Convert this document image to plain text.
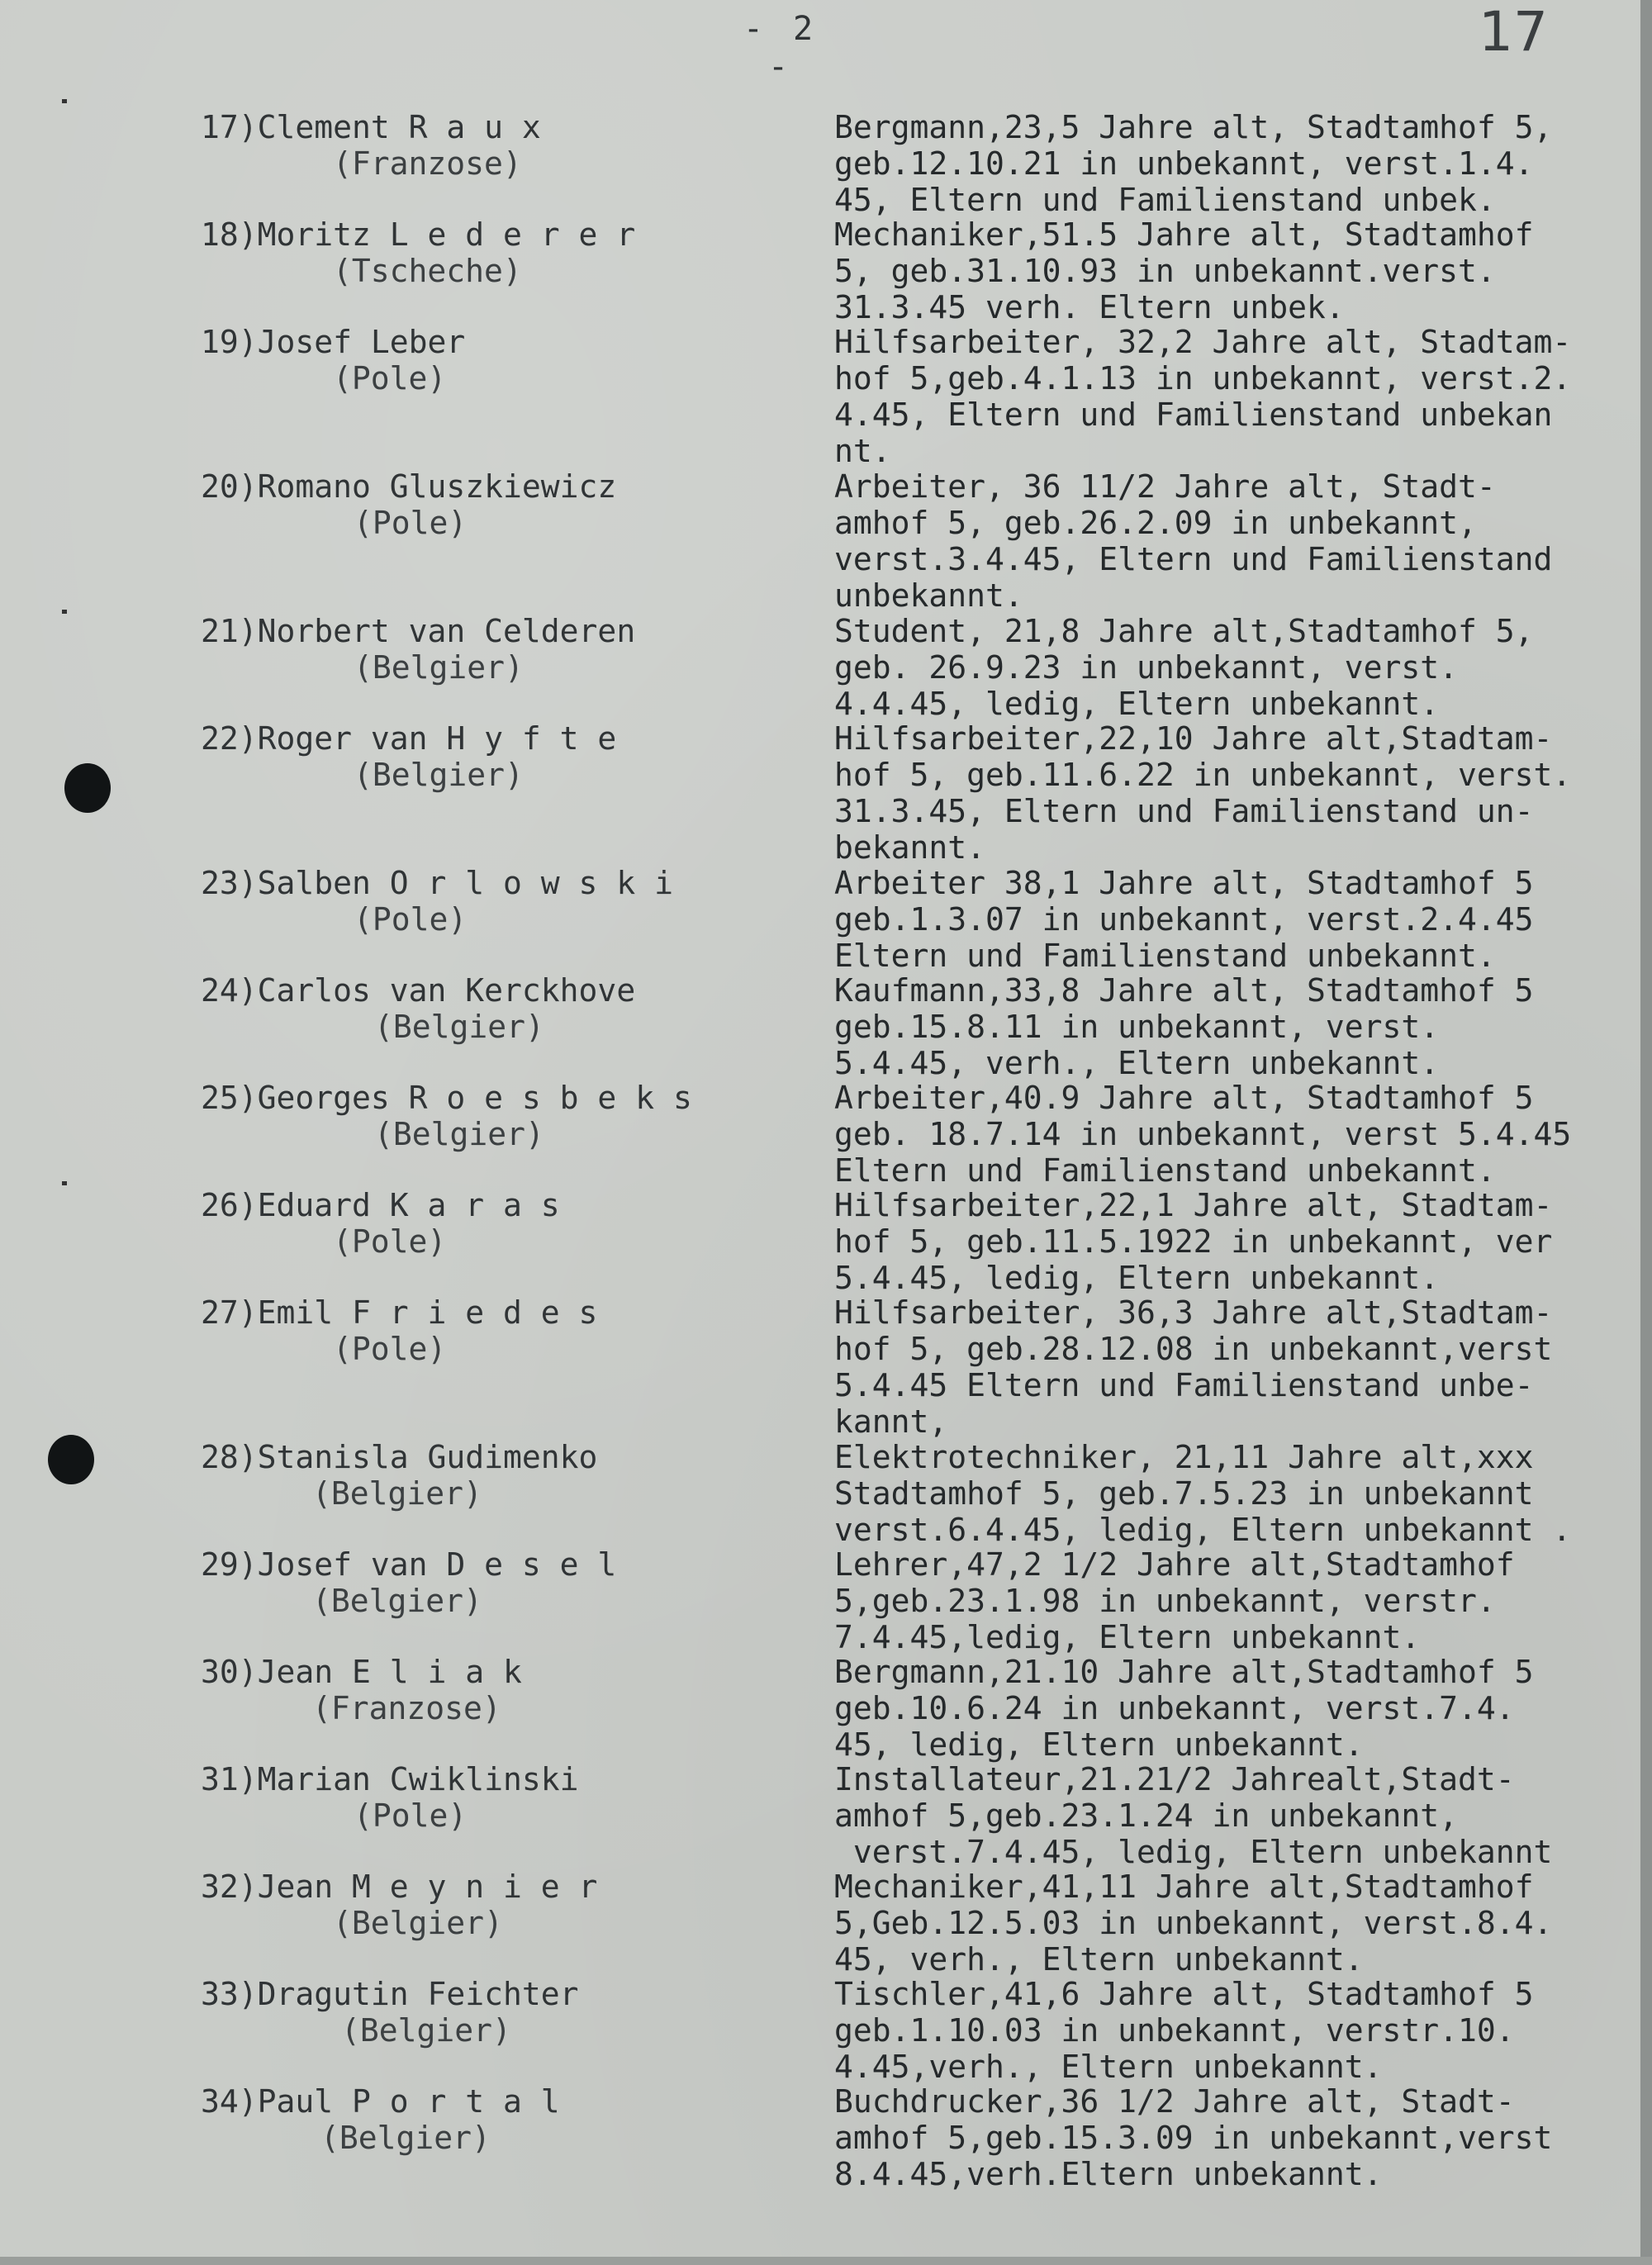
- 2 -
17
17)Clement R a u x
(Franzose)
Bergmann,23,5 Jahre alt, Stadtamhof 5,
geb.12.10.21 in unbekannt, verst.1.4.
45, Eltern und Familienstand unbek.
18)Moritz L e d e r e r
(Tscheche)
Mechaniker,51.5 Jahre alt, Stadtamhof
5, geb.31.10.93 in unbekannt.verst.
31.3.45 verh. Eltern unbek.
19)Josef Leber
(Pole)
Hilfsarbeiter, 32,2 Jahre alt, Stadtam-
hof 5,geb.4.1.13 in unbekannt, verst.2.
4.45, Eltern und Familienstand unbekan
nt.
20)Romano Gluszkiewicz
(Pole)
Arbeiter, 36 11/2 Jahre alt, Stadt-
amhof 5, geb.26.2.09 in unbekannt,
verst.3.4.45, Eltern und Familienstand
unbekannt.
21)Norbert van Celderen
(Belgier)
Student, 21,8 Jahre alt,Stadtamhof 5,
geb. 26.9.23 in unbekannt, verst.
4.4.45, ledig, Eltern unbekannt.
22)Roger van H y f t e
(Belgier)
Hilfsarbeiter,22,10 Jahre alt,Stadtam-
hof 5, geb.11.6.22 in unbekannt, verst.
31.3.45, Eltern und Familienstand un-
bekannt.
23)Salben O r l o w s k i
(Pole)
Arbeiter 38,1 Jahre alt, Stadtamhof 5
geb.1.3.07 in unbekannt, verst.2.4.45
Eltern und Familienstand unbekannt.
24)Carlos van Kerckhove
(Belgier)
Kaufmann,33,8 Jahre alt, Stadtamhof 5
geb.15.8.11 in unbekannt, verst.
5.4.45, verh., Eltern unbekannt.
25)Georges R o e s b e k s
(Belgier)
Arbeiter,40.9 Jahre alt, Stadtamhof 5
geb. 18.7.14 in unbekannt, verst 5.4.45
Eltern und Familienstand unbekannt.
26)Eduard K a r a s
(Pole)
Hilfsarbeiter,22,1 Jahre alt, Stadtam-
hof 5, geb.11.5.1922 in unbekannt, ver
5.4.45, ledig, Eltern unbekannt.
27)Emil F r i e d e s
(Pole)
Hilfsarbeiter, 36,3 Jahre alt,Stadtam-
hof 5, geb.28.12.08 in unbekannt,verst
5.4.45 Eltern und Familienstand unbe-
kannt,
28)Stanisla Gudimenko
(Belgier)
Elektrotechniker, 21,11 Jahre alt,xxx
Stadtamhof 5, geb.7.5.23 in unbekannt
verst.6.4.45, ledig, Eltern unbekannt .
29)Josef van D e s e l
(Belgier)
Lehrer,47,2 1/2 Jahre alt,Stadtamhof
5,geb.23.1.98 in unbekannt, verstr.
7.4.45,ledig, Eltern unbekannt.
30)Jean E l i a k
(Franzose)
Bergmann,21.10 Jahre alt,Stadtamhof 5
geb.10.6.24 in unbekannt, verst.7.4.
45, ledig, Eltern unbekannt.
31)Marian Cwiklinski
(Pole)
Installateur,21.21/2 Jahrealt,Stadt-
amhof 5,geb.23.1.24 in unbekannt,
verst.7.4.45, ledig, Eltern unbekannt
32)Jean M e y n i e r
(Belgier)
Mechaniker,41,11 Jahre alt,Stadtamhof
5,Geb.12.5.03 in unbekannt, verst.8.4.
45, verh., Eltern unbekannt.
33)Dragutin Feichter
(Belgier)
Tischler,41,6 Jahre alt, Stadtamhof 5
geb.1.10.03 in unbekannt, verstr.10.
4.45,verh., Eltern unbekannt.
34)Paul P o r t a l
(Belgier)
Buchdrucker,36 1/2 Jahre alt, Stadt-
amhof 5,geb.15.3.09 in unbekannt,verst
8.4.45,verh.Eltern unbekannt.
